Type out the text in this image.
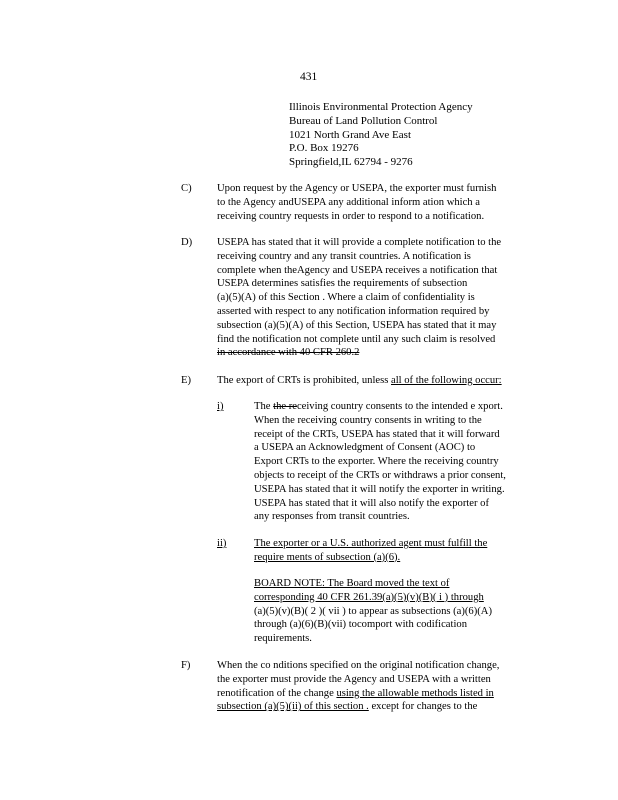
431
Illinois Environmental Protection Agency
Bureau of Land Pollution Control
1021 North Grand Ave East
P.O. Box 19276
Springfield,IL 62794 - 9276
C) Upon request by the Agency or USEPA, the exporter must furnish
to the Agency andUSEPA any additional inform ation which a
receiving country requests in order to respond to a notification.
D) USEPA has stated that it will provide a complete notification to the
receiving country and any transit countries. A notification is
complete when theAgency and USEPA receives a notification that
USEPA determines satisfies the requirements of subsection
(a)(5)(A) of this Section . Where a claim of confidentiality is
asserted with respect to any notification information required by
subsection (a)(5)(A) of this Section, USEPA has stated that it may
find the notification not complete until any such claim is resolved
in accordance with 40 CFR 260.2
E) The export of CRTs is prohibited, unless all of the following occur:
i)	The the receiving country consents to the intended e xport.
When the receiving country consents in writing to the
receipt of the CRTs, USEPA has stated that it will forward
a USEPA an Acknowledgment of Consent (AOC) to
Export CRTs to the exporter. Where the receiving country
objects to receipt of the CRTs or withdraws a prior consent,
USEPA has stated that it will notify the exporter in writing.
USEPA has stated that it will also notify the exporter of
any responses from transit countries.
ii)	The exporter or a U.S. authorized agent must fulfill the
require ments of subsection (a)(6).
BOARD NOTE: The Board moved the text of
corresponding 40 CFR 261.39(a)(5)(v)(B)( i ) through
(a)(5)(v)(B)( 2 )( vii ) to appear as subsections (a)(6)(A)
through (a)(6)(B)(vii) tocomport with codification
requirements.
F)	When the co nditions specified on the original notification change,
the exporter must provide the Agency and USEPA with a written
renotification of the change using the allowable methods listed in
subsection (a)(5)(ii) of this section . except for changes to the
